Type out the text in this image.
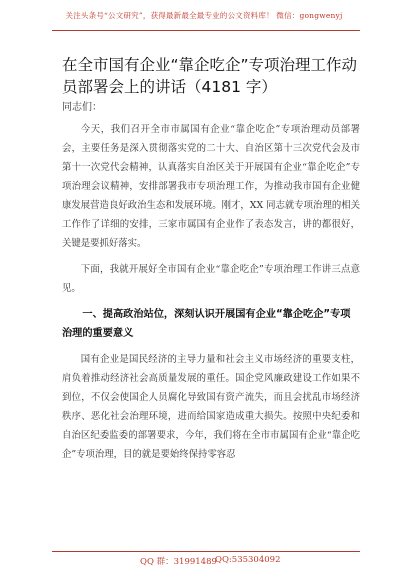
关注头条号“公文研究”，获得最新最全最专业的公文资料库！ 微信：gongwenyj
在全市国有企业“靠企吃企”专项治理工作动员部署会上的讲话（4181 字）
同志们：

今天，我们召开全市市属国有企业“靠企吃企”专项治理动员部署会，主要任务是深入贯彻落实党的二十大、自治区第十三次党代会及市第十一次党代会精神，认真落实自治区关于开展国有企业“靠企吃企”专项治理会议精神，安排部署我市专项治理工作，为推动我市国有企业健康发展营造良好政治生态和发展环境。刚才，XX 同志就专项治理的相关工作作了详细的安排，三家市属国有企业作了表态发言，讲的都很好，关键是要抓好落实。

下面，我就开展好全市国有企业“靠企吃企”专项治理工作讲三点意见。

一、提高政治站位，深刻认识开展国有企业“靠企吃企”专项治理的重要意义

国有企业是国民经济的主导力量和社会主义市场经济的重要支柱，肩负着推动经济社会高质量发展的重任。国企党风廉政建设工作如果不到位，不仅会使国企人员腐化导致国有资产流失，而且会扰乱市场经济秩序、恶化社会治理环境，进而给国家造成重大损失。按照中央纪委和自治区纪委监委的部署要求，今年，我们将在全市市属国有企业“靠企吃企”专项治理，目的就是要始终保持零容忍

QQ 群：31991489
QQ:535304092
